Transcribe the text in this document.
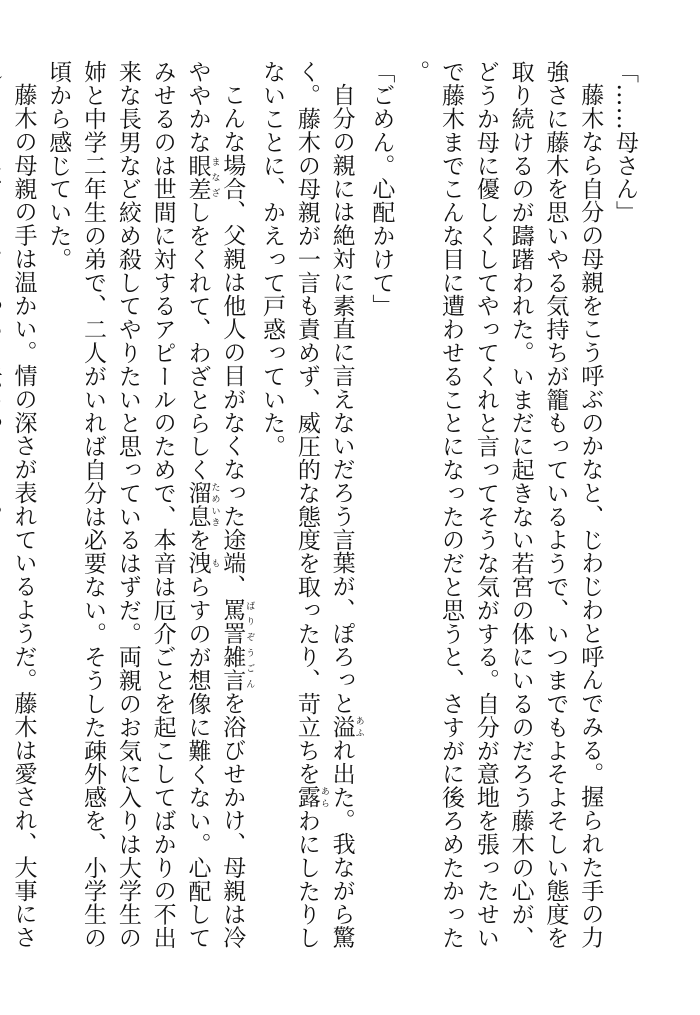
「……母さん」

藤木なら自分の母親をこう呼ぶのかなと、じわじわと呼んでみる。握られた手の力強さに藤木を思いやる気持ちが籠もっているようで、いつまでもよそよそしい態度を取り続けるのが躊躇われた。いまだに起きない若宮の体にいるのだろう藤木の心が、どうか母に優しくしてやってくれと言ってそうな気がする。自分が意地を張ったせいで藤木までこんな目に遭わせることになったのだと思うと、さすがに後ろめたかった。

「ごめん。心配かけて」

自分の親には絶対に素直に言えないだろう言葉が、ぽろっと溢 あふれ出た。我ながら驚く。藤木の母親が一言も責めず、威圧的な態度を取ったり、苛立ちを露 あらわにしたりしないことに、かえって戸惑っていた。

こんな場合、父親は他人の目がなくなった途端、罵詈雑言 ばりぞうごんを浴びせかけ、母親は冷ややかな眼差 まなざしをくれて、わざとらしく溜息 ためいきを洩 もらすのが想像に難くない。心配してみせるのは世間に対するアピールのためで、本音は厄介ごとを起こしてばかりの不出来な長男など絞め殺してやりたいと思っているはずだ。両親のお気に入りは大学生の姉と中学二年生の弟で、二人がいれば自分は必要ない。そうした疎外感を、小学生の頃から感じていた。

藤木の母親の手は温かい。情の深さが表れているようだ。藤木は愛され、大事にさ
